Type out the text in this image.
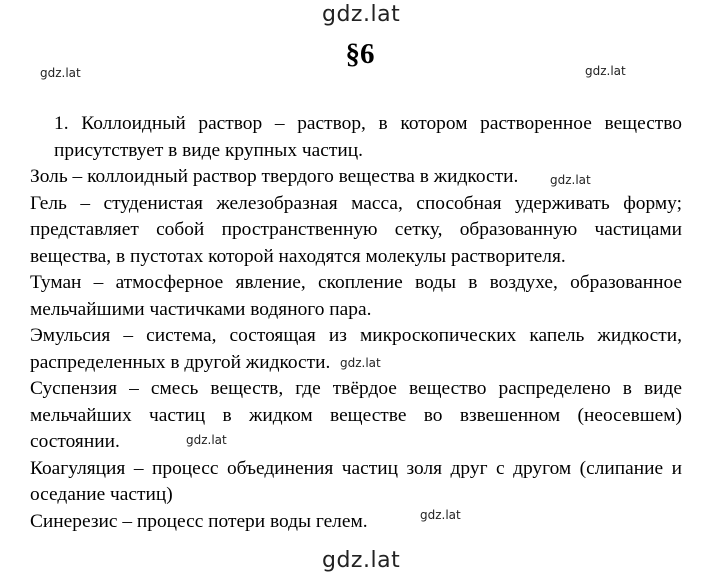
gdz.lat
§6
gdz.lat	gdz.lat

1. Коллоидный раствор – раствор, в котором растворенное вещество
присутствует в виде крупных частиц.

Золь – коллоидный раствор твердого вещества в жидкости.

Гель – студенистая железобразная масса, способная удерживать форму;
представляет собой пространственную сетку, образованную частицами
вещества, в пустотах которой находятся молекулы растворителя.

Туман – атмосферное явление, скопление воды в воздухе, образованное
мельчайшими частичками водяного пара.

Эмульсия – система, состоящая из микроскопических капель жидкости,
распределенных в другой жидкости.

Суспензия – смесь веществ, где твёрдое вещество распределено в виде
мельчайших частиц в жидком веществе во взвешенном (неосевшем)
состоянии.

Коагуляция – процесс объединения частиц золя друг с другом (слипание и
оседание частиц)

Синерезис – процесс потери воды гелем.

gdz.lat
gdz.lat
gdz.lat
gdz.lat
gdz.lat
